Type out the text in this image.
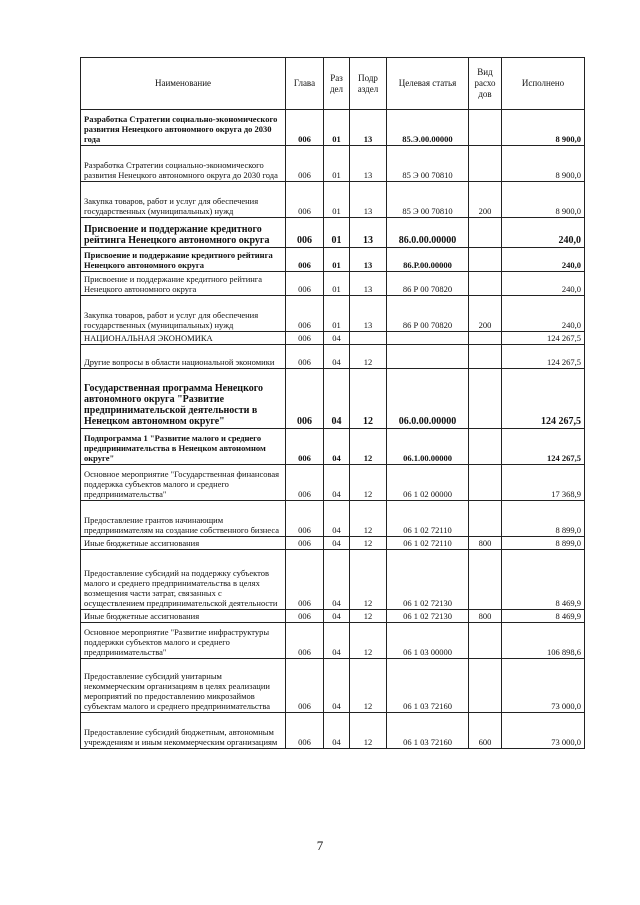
Наименование	Глава	Раз дел	Подр аздел	Целевая статья	Вид расхо дов	Исполнено
Разработка Стратегии социально-экономического развития Ненецкого автономного округа до 2030 года	006	01	13	85.Э.00.00000		8 900,0
Разработка Стратегии социально-экономического развития Ненецкого автономного округа до 2030 года	006	01	13	85 Э 00 70810		8 900,0
Закупка товаров, работ и услуг для обеспечения государственных (муниципальных) нужд	006	01	13	85 Э 00 70810	200	8 900,0
Присвоение и поддержание кредитного рейтинга Ненецкого автономного округа	006	01	13	86.0.00.00000		240,0
Присвоение и поддержание кредитного рейтинга Ненецкого автономного округа	006	01	13	86.Р.00.00000		240,0
Присвоение и поддержание кредитного рейтинга Ненецкого автономного округа	006	01	13	86 Р 00 70820		240,0
Закупка товаров, работ и услуг для обеспечения государственных (муниципальных) нужд	006	01	13	86 Р 00 70820	200	240,0
НАЦИОНАЛЬНАЯ ЭКОНОМИКА	006	04				124 267,5
Другие вопросы в области национальной экономики	006	04	12			124 267,5
Государственная программа Ненецкого автономного округа "Развитие предпринимательской деятельности в Ненецком автономном округе"	006	04	12	06.0.00.00000		124 267,5
Подпрограмма 1 "Развитие малого и среднего предпринимательства в Ненецком автономном округе"	006	04	12	06.1.00.00000		124 267,5
Основное мероприятие "Государственная финансовая поддержка субъектов малого и среднего предпринимательства"	006	04	12	06 1 02 00000		17 368,9
Предоставление грантов начинающим предпринимателям на создание собственного бизнеса	006	04	12	06 1 02 72110		8 899,0
Иные бюджетные ассигнования	006	04	12	06 1 02 72110	800	8 899,0
Предоставление субсидий на поддержку субъектов малого и среднего предпринимательства в целях возмещения части затрат, связанных с осуществлением предпринимательской деятельности	006	04	12	06 1 02 72130		8 469,9
Иные бюджетные ассигнования	006	04	12	06 1 02 72130	800	8 469,9
Основное мероприятие "Развитие инфраструктуры поддержки субъектов малого и среднего предпринимательства"	006	04	12	06 1 03 00000		106 898,6
Предоставление субсидий унитарным некоммерческим организациям в целях реализации мероприятий по предоставлению микрозаймов субъектам малого и среднего предпринимательства	006	04	12	06 1 03 72160		73 000,0
Предоставление субсидий бюджетным, автономным учреждениям и иным некоммерческим организациям	006	04	12	06 1 03 72160	600	73 000,0
7
